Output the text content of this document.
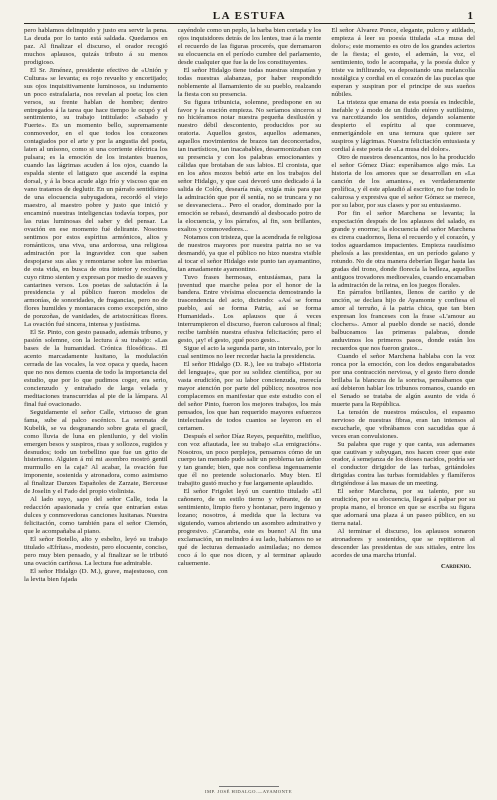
LA ESTUFA	1

pero hablamos delinquido y justo era servir la pena. La deuda por lo tanto está saldada. Quedamos en paz. Al finalizar el discurso, el orador recogió muchos aplausos, quizás tributo á su menos prodigioso.

El Sr. Jiménez, presidente efectivo de «Unión y Cultura» se levanta; es rojo revuelto y encortijado; sus ojos inquisitivamente luminosos, su indumento un poco estrafalaria, nos revelan al poeta; los cien versos, su frente hablan de hombre; dentro entregados á la tarea que hace tiempo le ocupó y el sentimiento, su trabajo intitulado: «Sabado y Fuerte». Es un momento bello, supremamente conmovedor, en el que todos los corazones contagiados por el arte y por la angustia del poeta, laten al unísono, como si una corriente eléctrica los pulsara; es la emoción de los instantes buenos, cuando las lágrimas acuden á los ojos, cuando la espalda siente el latigazo que ascendé la espina dorsal, y á la boca acude algo frío y viscoso que en vano tratamos de deglutir. En un párrafo sentidísimo de una elocuencia subyugadora, recordó el viejo maestro, al maestro pobre y justo que inició y encaminó nuestras inteligencias todavía torpes, por las rutas luminosas del saber y del pensar. La ovación en ese momento fué delirante. Nosotros sentimos por estos espíritus armónicos, altos y románticos, una viva, una ardorosa, una religiosa admiración por la ingravidez con que saben despojarse sus alas y remontarse sobre las miserias de esta vida, en busca de otra interior y recóndita, cuyo ritmo sienten y expresan por medio de suaves y cantarines versos. Los poetas de salutación á la presidencia y al público fueron modelos de armonías, de sonoridades, de fragancias, pero no de flores humildes y montaraces como excepción, sino de ponzoñas, de vanidades, de aristocráticas flores. La ovación fué sincera, intensa y justísima.

El Sr. Pinto, con gesto pausado, además tribuno, y pasión solemne, con la lectura á su trabajo: «Las bases de la humanidad. Crónica filosófica». El acento marcadamente lusitano, la modulación cerrada de las vocales, la voz opaca y queda, hacen que no nos demos cuenta de todo la importancia del estudio, que por lo que pudimos coger, era serio, concienzudo y entrañado de larga velada y meditaciones transcurridas al pie de la lámpara. Al final fué ovacionado.

Seguidamente el señor Calle, virtuoso de gran fama, sube al palco escénico. La serenata de Kubelik, se va desgranando sobre grata el gracil, como lluvia de luna en plenilunio, y del violín emergen besos y suspiros, risas y sollozos, rugidos y desnudos; todo un torbellino que fue un grito de histerismo. Alguien á mí mi asombro mostró gentil murmullo en la caja? Al acabar, la ovación fue imponente, sostenida y atronadora, como asimismo al finalizar Danzes Españoles de Zarzate, Berceuse de Joselin y el Fado del propio violinista.

Al lado suyo, sapo del señor Calle, toda la redacción apasionada y creía que entrarían estas dulces y conmovedoras canciones lusitanas. Nuestra felicitación, como también para el señor Ciemón, que le acompañaba al piano.

El señor Botello, alto y esbelto, leyó su trabajo titulado «Efrítas», modesto, pero elocuente, conciso, pero muy bien pensado, y al finalizar se le tributó una ovación cariñosa. La lectura fue admirable.

El señor Hidalgo (D. M.), grave, majestuoso, con la levita bien fajada

cayéndole como un peplo, la barba bien cortada y los ojos inquisidores detrás de los lentes, trae á la mente el recuerdo de las figuras procerés, que derramaron su elocuencia en el período cumbre del parlamento, desde cualquier que fue la de los constituyentes.

El señor Hidalgo tiene todas nuestras simpatías y todas nuestras alabanzas, por haber respondido noblemente al llamamiento de su pueblo, realzando la fiesta con su presencia.

Su figura tribunicia, solemne, predispone en su favor y la oración empieza. No seríamos sinceros si no hiciéramos notar nuestra pequeña desilusión y nuestro débil descontento, producidos por su oratoria. Aquellos gestos, aquellos ademanes, aquellos movimientos de brazos tan deconcertados, tan inartísticos, tan inacabables, desarmonizaban con su presencia y con los palabras emocionantes y cálidas que brotaban de sus labios. El cronista, que en los años mozos bebió arte en los trabajos del señor Hidalgo, y que casi devoró uno dedicado á la salida de Colón, desearía más, exigía más para que la admiración que por él sentía, no se truncara y no se desvaneciera... Pero el orador, dominado por la emoción se rebasó, desmandó al desbocado potro de la elocuencia, y los párrafos, al fin, son brillantes, exaltos y conmovedores...

Notamos con tristeza, que la acendrada fe religiosa de nuestros mayores por nuestra patria no se va desmandó, ya que el público no hizo nuestra visible al tocar el señor Hidalgo este punto tan ayamantino, tan amadamente ayamontino.

Tuvo frases hermosas, entusiásmas, para la juventud que marche pelea por el honor de la bandera. Entre vivísima elocuencia demostrando la trascendencia del acto, diciendo: «Así se forma pueblo, así se forma Patria, así se forma Humanidad». Los aplausos que á veces interrumpieron el discurso, fueron calurosos al final; recibe también nuestra efusiva felicitación; pero el gesto, ¡ay! el gesto, ¡qué poco gesto...

Sigue el acto la segunda parte, sin intervalo, por lo cual sentimos no leer recordar hacia la presidencia.

El señor Hidalgo (D. R.), lee su trabajo «Historia del lenguaje», que por su solidez científica, por su vasta erudición, por su labor concienzuda, merecía mayor atención por parte del público; nosotros nos complacemos en manifestar que este estudio con el del señor Pinto, fueron los mejores trabajos, los más pensados, los que han requerido mayores esfuerzos intelectuales de todos cuantos se leyeron en el certamen.

Después el señor Díaz Reyes, pequeñito, melifluo, con voz afiautada, lee su trabajo «La emigración». Nosotros, un poco perplejos, pensamos cómo de un cuerpo tan menudo pudo salir un problema tan árduo y tan grande; bien, que nos confiesa ingenuamente que él no pretende solucionarlo. Muy bien. El trabajito gustó mucho y fue largamente aplaudido.

El señor Frigolet leyó un cuentito titulado «El cañonero, de un estilo tierno y vibrante, de un sentimiento, limpio fiero y hontanar, pero ingenuo y lozano; nosotros, á medida que la lectura va siguiendo, vamos abriendo un asombro admirativo y progresivo. ¡Caramba, este es bueno! Al fin una exclamación, un melindro á su lado, habíamos no se qué de lecturas demasiado asimiladas; no demos coco á lo que nos dicen, y al terminar aplaudo caluemente.

El señor Álvarez Ponce, elegante, pulcro y atildado, empieza á leer su poesía titulada «La musa del dolor»; este momento es otro de los grandes aciertos de la fiesta; el gesto, el ademán, la voz, el sentimiento, todo le acompaña, y la poesía dulce y triste va infiltrando, va depositando una melancolía nostálgica y cordial en el corazón de las pucelas que esperan y suspiran por el principe de sus sueños núbiles.

La tristeza que emana de esta poesía es indecible, inefable y á modo de un fluido etéreo y sutilísimo, va narcotizando los sentidos, dejando solamente despierto el espíritu al que conmueve, enmerigándole en una ternura que quiere ser suspiros y lágrimas. Nuestra felicitación entusiasta y cordial á este poeta de «La musa del dolor».

Otro de nuestros desencantos, nos lo ha producido el señor Gómez Díaz: esperábamos algo más. La historia de los amores que se desarrollan en «La canción de los amantes», es verdaderamente prolífica, y él este aplaudió al escritor, no fue todo lo calurosa y expresiva que el señor Gómez se merece, por su labor, por sus clases y por su entusiasmo.

Por fin el señor Marchena se levanta; la expectación después de los aplausos del salado, es grande y enorme; la elocuencia del señor Marchena es cirera cuadornos, llena el recuerdo y el corazón, y todos aguardamos impacientes. Empieza raudísimo phelosís a las presidentas, en un período galano y rotundo. No de otra manera deberían llegar hasta las gradas del trono, donde florecía la belleza, aquellos antiguos trovadores medioevales, cuando encamaban la admiración de la reina, en los juegos florales.

En párrafos brillantes, llenos de cariño y de unción, se declara hijo de Ayamonte y confiesa el amor al terruño, á la patria chica, que tan bien expresan los franceses con la frase «L'amour au clochers». Amor al pueblo donde se nació, donde balbuceamos las primeras palabras, donde anduvimos los primeros pasos, donde están los recuerdos que nos fueron gratos...

Cuando el señor Marchena hablaba con la voz ronca por la emoción, con los dedos engarabatados por una contracción nerviosa, y el gesto fiero donde brillaba la blancura de la sonrisa, pensábamos que así debieron hablar los tribunos romanos, cuando en el Senado se trataba de algún asunto de vida ó muerte para la República.

La tensión de nuestros músculos, el espasmo nervioso de nuestras fibras, eran tan intensos al escucharle, que vibrábamos con sacudidas que á veces eran convulsiones.

Su palabra que ruge y que canta, sus ademanes que cautivan y subyugan, nos hacen creer que este orador, á semejanza de los dioses nacidos, podría ser el conductor dirigidor de las turbas, gritándoles dirigidas contra las turbas formidables y flamíferos dirigiéndose á las masas de un meeting.

El señor Marchena, por su talento, por su erudición, por su elocuencia, llegará á palpar por su propia mano, el bronce en que se escriba su figura que adornará una plaza á un paseo público, en su tierra natal.

Al terminar el discurso, los aplausos sonaron atronadores y sostenidos, que se repitieron al descender las presidentas de sus sitiales, entre los acordes de una marcha triunfal.

Cardenio.
IMP. JOSÉ HIDALGO.—AYAMONTE
